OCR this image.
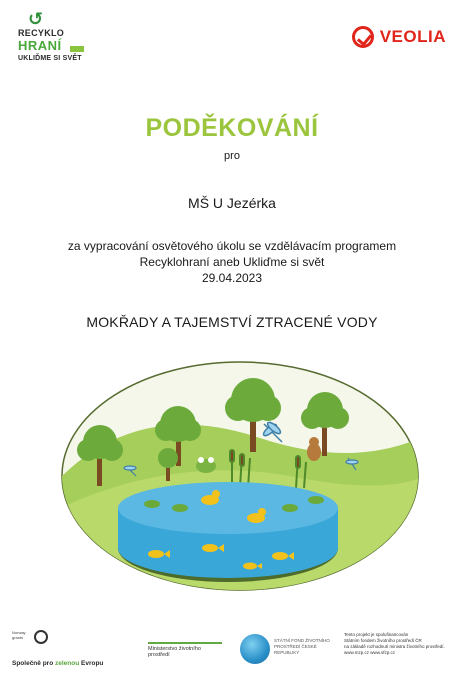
↺
RECYKLO
HRANÍ
UKLIĎME SI SVĚT
VEOLIA
PODĚKOVÁNÍ
pro
MŠ U Jezérka
za vypracování osvětového úkolu se vzdělávacím programem
Recyklohraní aneb Ukliďme si svět
29.04.2023
MOKŘADY A TAJEMSTVÍ ZTRACENÉ VODY
Norway
grants
Společně pro zelenou Evropu
Ministerstvo životního prostředí
STÁTNÍ FOND ŽIVOTNÍHO PROSTŘEDÍ ČESKÉ REPUBLIKY
Tento projekt je spolufinancován
Státním fondem životního prostředí ČR
na základě rozhodnutí ministra životního prostředí.
www.mzp.cz www.sfzp.cz
